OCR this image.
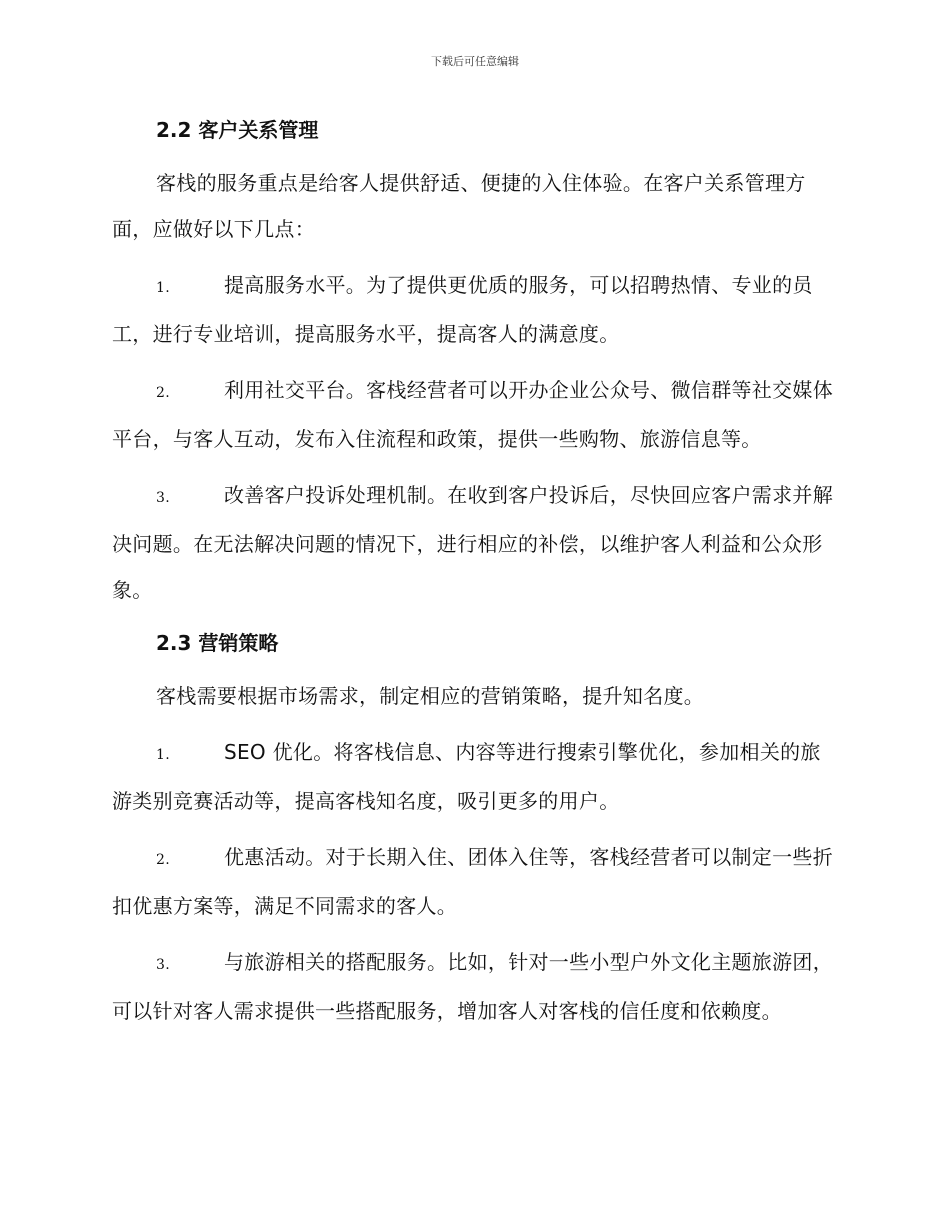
下载后可任意编辑
2.2 客户关系管理

客栈的服务重点是给客人提供舒适、便捷的入住体验。在客户关系管理方面，应做好以下几点：

1.	提高服务水平。为了提供更优质的服务，可以招聘热情、专业的员工，进行专业培训，提高服务水平，提高客人的满意度。

2.	利用社交平台。客栈经营者可以开办企业公众号、微信群等社交媒体平台，与客人互动，发布入住流程和政策，提供一些购物、旅游信息等。

3.	改善客户投诉处理机制。在收到客户投诉后，尽快回应客户需求并解决问题。在无法解决问题的情况下，进行相应的补偿，以维护客人利益和公众形象。

2.3 营销策略

客栈需要根据市场需求，制定相应的营销策略，提升知名度。

1.	SEO 优化。将客栈信息、内容等进行搜索引擎优化，参加相关的旅游类别竞赛活动等，提高客栈知名度，吸引更多的用户。

2.	优惠活动。对于长期入住、团体入住等，客栈经营者可以制定一些折扣优惠方案等，满足不同需求的客人。

3.	与旅游相关的搭配服务。比如，针对一些小型户外文化主题旅游团，可以针对客人需求提供一些搭配服务，增加客人对客栈的信任度和依赖度。
